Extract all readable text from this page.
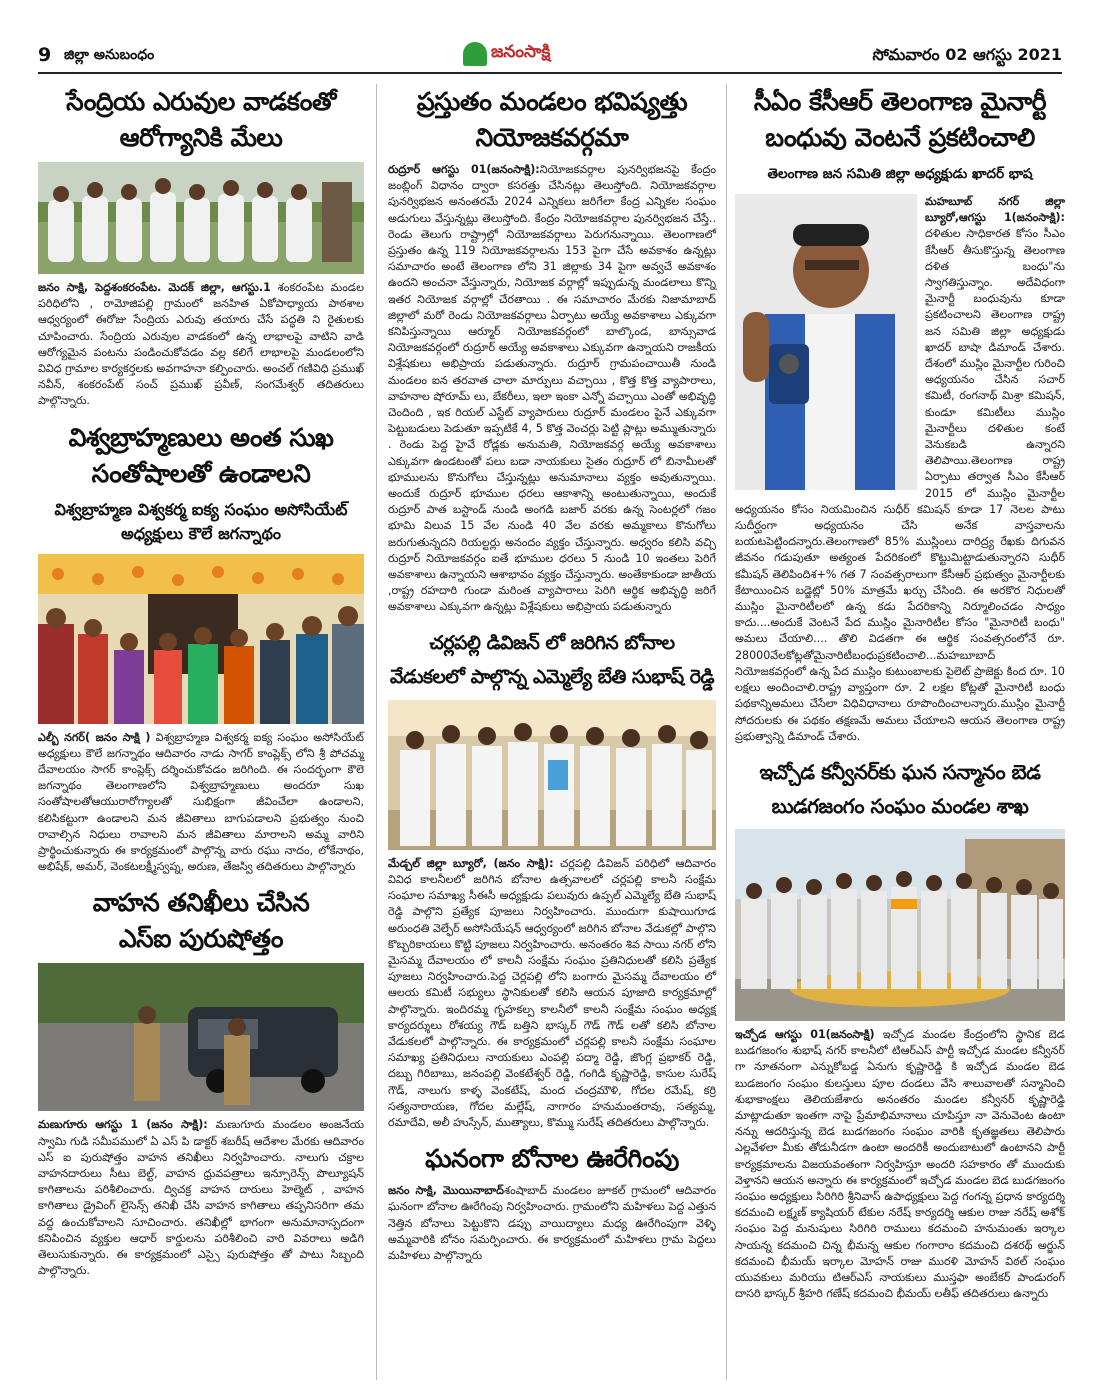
9 జిల్లా అనుబంధం	జనంసాక్షి	సోమవారం 02 ఆగస్టు 2021
సేంద్రియ ఎరువుల వాడకంతో
ఆరోగ్యానికి మేలు

జనం సాక్షి, పెద్దశంకరంపేట. మెదక్ జిల్లా, ఆగస్టు.1 శంకరంపేట మండల పరిధిలోని , రామోజిపల్లి గ్రామంలో జనహిత ఏకోపాధ్యాయ పాఠశాల ఆధ్వర్యంలో ఈరోజు సేంద్రియ ఎరువు తయారు చేసే పద్ధతి ని రైతులకు చూపించారు. సేంద్రియ ఎరువుల వాడకంలో ఉన్న లాభాలపై వాటిని వాడి ఆరోగ్యమైన పంటను పండించుకోవడం వల్ల కలిగే లాభాలపై మండలంలోని వివిధ గ్రామాల కార్యకర్తలకు అవగాహనా కల్పించారు. అంచల్ గణివిధి ప్రముఖ్ నవీన్, శంకరంపేట్ సంచ్ ప్రముఖ్ ప్రవీణ్, సంగమేశ్వర్ తదితరులు పాల్గొన్నారు.

విశ్వబ్రాహ్మణులు అంత సుఖ
సంతోషాలతో ఉండాలని
విశ్వబ్రాహ్మణ విశ్వకర్మ ఐక్య సంఘం అసోసియేట్
అధ్యక్షులు కౌలే జగన్నాథం

ఎల్బీ నగర్( జనం సాక్షి ) విశ్వబ్రాహ్మణ విశ్వకర్మ ఐక్య సంఘం అసోసియేట్ అధ్యక్షులు కౌలే జగన్నాథం ఆదివారం నాడు సాగర్ కాంప్లెక్స్ లోని శ్రీ పోచమ్మ దేవాలయం సాగర్ కాంప్లెక్స్ దర్శించుకోవడం జరిగింది. ఈ సందర్భంగా కౌలె జగన్నాథం తెలంగాణలోని విశ్వబ్రాహ్మణులు అందరూ సుఖ సంతోషాలతోఆయురారోగ్యాలతో సుభిక్షంగా జీవించేలా ఉండాలని, కలిసికట్టుగా ఉండాలని మన జీవితాలు బాగుపడాలని ప్రభుత్వం నుంచి రావాల్సిన నిధులు రావాలని మన జీవితాలు మారాలని అమ్మ వారిని ప్రార్థించుకున్నారు ఈ కార్యక్రమంలో పాల్గొన్న వారు రఘు నాదం, లోకేనాథం, అభిషేక్, అమర్, వెంకటలక్ష్మీస్వప్న, అరుణ, తేజస్వి తదితరులు పాల్గొన్నారు

వాహన తనిఖీలు చేసిన
ఎస్ఐ పురుషోత్తం

మణుగూరు ఆగస్టు 1 (జనం సాక్షి): మణుగూరు మండలం అంజనేయ స్వామి గుడి సమీపములో ఏ ఎస్ పి డాక్టర్ శబరీష్ ఆదేశాల మేరకు ఆదివారం ఎస్ ఐ పురుషోత్తం వాహన తనిఖీలు నిర్వహించారు. నాలుగు చక్రాల వాహనదారులు సీటు బెల్ట్, వాహన ధ్రువపత్రాలు ఇన్సూరెన్స్ పొల్యూషన్ కాగితాలను పరిశీలించారు. ద్విచక్ర వాహన దారులు హెల్మెట్ , వాహన కాగితాలు డ్రైవింగ్ లైసెన్స్ తనిఖీ చేసి వాహన కాగితాలు తప్పనిసరిగా తమ వద్ద ఉంచుకోవాలని సూచించారు. తనిఖీల్లో భాగంగా అనుమానాస్పదంగా కనిపించిన వ్యక్తుల ఆధార్ కార్డులను పరిశీలించి వారి వివరాలు అడిగి తెలుసుకున్నారు. ఈ కార్యక్రమంలో ఎస్సై పురుషోత్తం తో పాటు సిబ్బంది పాల్గొన్నారు.

ప్రస్తుతం మండలం భవిష్యత్తు
నియోజకవర్గమా

రుద్రూర్ ఆగస్టు 01(జనంసాక్షి):నియోజకవర్గాల పునర్విభజనపై కేంద్రం జంబ్లింగ్ విధానం ద్వారా కసరత్తు చేసినట్లు తెలుస్తోంది. నియోజకవర్గాల పునర్విభజన అనంతరమే 2024 ఎన్నికలు జరిగేలా కేంద్ర ఎన్నికల సంఘం అడుగులు వేస్తున్నట్లు తెలుస్తోంది. కేంద్రం నియోజకవర్గాల పునర్విభజన చేస్తే.. రెండు తెలుగు రాష్ట్రాల్లో నియోజకవర్గాలు పెరుగనున్నాయి. తెలంగాణలో ప్రస్తుతం ఉన్న 119 నియోజకవర్గాలను 153 పైగా చేసే అవకాశం ఉన్నట్లు సమాచారం అంటే తెలంగాణ లోని 31 జిల్లాకు 34 పైగా అవ్వచే అవకాశం ఉందని అంచనా వేస్తున్నారు, నియోజక వర్గాల్లో ఇప్పుడున్న మండలాలు కొన్ని ఇతర నియోజక వర్గాల్లో చేరతాయి . ఈ సమాచారం మేరకు నిజామాబాద్ జిల్లాలో మరో రెండు నియోజకవర్గాలు ఏర్పాటు అయ్యే అవకాశాలు ఎక్కువగా కనిపిస్తున్నాయి ఆర్మూర్ నియోజకవర్గంలో బాల్కొండ, బాన్సువాడ నియోజకవర్గంలో రుద్రూర్ అయ్యే అవకాశాలు ఎక్కువగా ఉన్నాయని రాజకీయ విశ్లేషకులు అభిప్రాయ పడుతున్నారు. రుద్రూర్ గ్రామపంచాయితీ నుండి మండలం ఐన తరవాత చాలా మార్పులు వచ్చాయి , కొత్త కొత్త వ్యాపారాలు, వాహనాల షోరూమ్ లు, బేకరీలు, ఇలా ఇంకా ఎన్నో వచ్చాయి ఎంతో అభివృద్ధి చెందింది , ఇక రియల్ ఎస్టేట్ వ్యాపారులు రుద్రూర్ మండలం పైనే ఎక్కువగా పెట్టుబడులు పెడుతూ ఇప్పటికే 4, 5 కొత్త వెంచర్లు పెట్టి ప్లాట్లు అమ్ముతున్నారు . రెండు పెద్ద హైవే రోడ్లకు అనుమతి, నియోజకవర్గ అయ్యే అవకాశాలు ఎక్కువగా ఉండటంతో పలు బడా నాయకులు సైతం రుద్రూర్ లో బినామీలతో భూములను కొనుగోలు చేస్తున్నట్లు అనుమానాలు వ్యక్తం అవుతున్నాయి. అందుకే రుద్రూర్ భూముల ధరలు ఆకాశాన్ని అంటుతున్నాయి, అందుకే రుద్రూర్ పాత బస్టాండ్ నుండి అంగడి బజార్ వరకు ఉన్న సెంటర్లలో గజం భూమి విలువ 15 వేల నుండి 40 వేల వరకు అమ్మకాలు కొనుగోలు జరుగుతున్నదని రియల్టర్లు అనందం వ్యక్తం చేస్తున్నారు. అధ్వరం కలిసి వచ్చి రుద్రూర్ నియోజకవర్గం ఐతే భూముల ధరలు 5 నుండి 10 ఇంతలు పెరిగే అవకాశాలు ఉన్నాయని ఆశాభావం వ్యక్తం చేస్తున్నారు. అంతేకాకుండా జాతీయ ,రాష్ట్ర రహదారి గుండా మరింత వ్యాపారాలు పెరిగి ఆర్థిక అభివృద్ధి జరిగే అవకాశాలు ఎక్కువగా ఉన్నట్లు విశ్లేషకులు అభిప్రాయ పడుతున్నారు

చర్లపల్లి డివిజన్ లో జరిగిన బోనాల
వేడుకలలో పాల్గొన్న ఎమ్మెల్యే బేతి సుభాష్ రెడ్డి

మేడ్చల్ జిల్లా బ్యూరో, (జనం సాక్షి): చర్లపల్లి డివిజన్ పరిధిలో ఆదివారం వివిధ కాలనీలలో జరిగిన బోనాల ఉత్సవాలలో చర్లపల్లి కాలనీ సంక్షేమ సంఘాల సమాఖ్య సీఈసీ అధ్యక్షుడు పలువురు ఉప్పల్ ఎమ్మెల్యే బేతి సుభాష్ రెడ్డి పాల్గొని ప్రత్యేక పూజలు నిర్వహించారు. ముందుగా కుషాయిగూడ అరుంధతి వెల్ఫేర్ అసోసియేషన్ ఆధ్వర్యంలో జరిగిన బోనాల వేడుకల్లో పాల్గొని కొబ్బరికాయలు కొట్టి పూజలు నిర్వహించారు. అనంతరం శివ సాయి నగర్ లోని మైసమ్మ దేవాలయం లో కాలనీ సంక్షేమ సంఘం ప్రతినిధులతో కలిసి ప్రత్యేక పూజలు నిర్వహించారు.పెద్ద చెర్లపల్లి లోని బంగారు మైసమ్మ దేవాలయం లో ఆలయ కమిటీ సభ్యులు స్థానికులతో కలిసి ఆయన పూజాది కార్యక్రమాల్లో పాల్గొన్నారు. ఇందిరమ్మ గృహకల్ప కాలనీలో కాలనీ సంక్షేమ సంఘం అధ్యక్ష కార్యదర్శులు రోశయ్య గౌడ్ బత్తిని భాస్కర్ గౌడ్ గౌడ్ లతో కలిసి బోనాల వేడుకలలో పాల్గొన్నారు. ఈ కార్యక్రమంలో చర్లపల్లి కాలనీ సంక్షేమ సంఘాల సమాఖ్య ప్రతినిధులు నాయకులు ఎంపల్లి పద్మా రెడ్డి, జొంగ్ల ప్రభాకర్ రెడ్డి, దబ్బు గిరిబాబు, జనంపల్లి వెంకటేశ్వర్ రెడ్డి, గంగిడి కృష్ణారెడ్డి, కాసుల సురేష్ గౌడ్, నాలుగు కాళ్ళ వెంకటేష్, మంద చంద్రమౌళి, గోదల రమేష్, కర్రి సత్యనారాయణ, గోదల మల్లేష్, నాగారం హనుమంతరావు, సత్యమ్మ, రమాదేవి, అలీ హుస్సేన్, ముత్యాలు, కొమ్ము సురేష్ తదితరులు పాల్గొన్నారు.

ఘనంగా బోనాల ఊరేగింపు

జనం సాక్షి, మొయినాబాద్శంషాబాద్ మండలం జూకల్ గ్రామంలో ఆదివారం ఘనంగా బోనాల ఊరేగింపు నిర్వహించారు. గ్రామంలోని మహిళలు పెద్ద ఎత్తున నెత్తిన బోనాలు పెట్టుకొని డప్పు వాయిద్యాలు మధ్య ఊరేగింపుగా వెళ్ళి అమ్మవారికి బోనం సమర్పించారు. ఈ కార్యక్రమంలో మహిళలు గ్రామ పెద్దలు మహిళలు పాల్గొన్నారు

సీఏం కేసీఆర్ తెలంగాణ మైనార్టీ
బంధువు వెంటనే ప్రకటించాలి
తెలంగాణ జన సమితి జిల్లా అధ్యక్షుడు ఖాదర్ భాష

మహబూబ్ నగర్ జిల్లా బ్యూరో,ఆగస్టు 1(జనంసాక్షి): దళితుల సాధికారత కోసం సీఎం కేసీఆర్ తీసుకొస్తున్న తెలంగాణ దళిత బంధు"ను స్వాగతిస్తున్నాం. అదేవిధంగా మైనార్టీ బంధువును కూడా ప్రకటించాలని తెలంగాణ రాష్ట్ర జన సమితి జిల్లా అధ్యక్షుడు ఖాదర్ బాషా డిమాండ్ చేశారు. దేశంలో ముస్లిం మైనార్టీల గురించి అధ్యయనం చేసిన సచార్ కమిటీ, రంగనాథ్ మిశ్రా కమిషన్, కుండూ కమిటీలు ముస్లిం మైనార్టీలు దళితుల కంటే వెనుకబడి ఉన్నారని తెలిపాయి.తెలంగాణ రాష్ట్ర ఏర్పాటు తర్వాత సీఎం కేసీఆర్ 2015 లో ముస్లిం మైనార్టీల అధ్యయనం కోసం నియమించిన సుధీర్ కమిషన్ కూడా 17 నెలల పాటు సుదీర్ఘంగా అధ్యయనం చేసి అనేక వాస్తవాలను బయటపెట్టిందన్నారు.తెలంగాణలో 85% ముస్లింలు దారిద్ర్య రేఖకు దిగువన జీవనం గడుపుతూ అత్యంత పేదరికంలో కొట్టుమిట్టాడుతున్నారని సుధీర్ కమీషన్ తెలిపిందిశ+% గత 7 సంవత్సరాలుగా కేసీఆర్ ప్రభుత్వం మైనార్టీలకు కేటాయించిన బడ్జెట్లో 50% మాత్రమే ఖర్చు చేసింది. ఈ అరకొర నిధులతో ముస్లిం మైనారిటీలలో ఉన్న కడు పేదరికాన్ని నిర్మూలించడం సాధ్యం కాదు....అందుకే వెంటనే పేద ముస్లిం మైనారిటీల కోసం "మైనారిటీ బంధు" అమలు చేయాలి.... తొలి విడతగా ఈ ఆర్థిక సంవత్సరంలోనే రూ. 28000వేలకోట్లతోమైనారిటీబంధుప్రకటించాలి...మహబూబాద్ నియోజకవర్గంలో ఉన్న పేద ముస్లిం కుటుంబాలకు పైలెట్ ప్రాజెక్టు కింద రూ. 10 లక్షలు అందించాలి.రాష్ట్ర వ్యాప్తంగా రూ. 2 లక్షల కోట్లతో మైనారిటీ బంధు పథకాన్నిఅమలు చేసేలా విధివిధానాలు రూపొందించాలన్నారు.ముస్లిం మైనార్టీ సోదరులకు ఈ పథకం తక్షణమే అమలు చేయాలని ఆయన తెలంగాణ రాష్ట్ర ప్రభుత్వాన్ని డిమాండ్ చేశారు.

ఇచ్చోడ కన్వీనర్‌కు ఘన సన్మానం బెడ
బుడగజంగం సంఘం మండల శాఖ

ఇచ్చోడ ఆగస్టు 01(జనంసాక్షి) ఇచ్చోడ మండల కేంద్రంలోని స్థానిక బెడ బుడగజంగం శుభాష్ నగర్ కాలనీలో టిఆర్ఎస్ పార్టీ ఇచ్చోడ మండల కన్వీనర్ గా నూతనంగా ఎన్నుకోబడ్డ ఏనుగు కృష్ణారెడ్డి కి ఇచ్చోడ మండల బెడ బుడజంగం సంఘం కులస్తులు పూల దండలు వేసి శాలువాలతో సన్మానించి శుభాకాంక్షలు తెలియజేశారు అనంతరం మండల కన్వీనర్ కృష్ణారెడ్డి మాట్లాడుతూ ఇంతగా నాపై ప్రేమాభిమానాలు చూపిస్తూ నా వెనువెంట ఉంటా నన్ను ఆదరిస్తున్న బెడ బుడగజంగం సంఘం వారికి కృతజ్ఞతలు తెలిపారు ఎల్లవేళలా మీకు తోడునీడగా ఉంటా అందరికీ అందుబాటులో ఉంటానని పార్టీ కార్యక్రమాలను విజయవంతంగా నిర్వహిస్తూ అందరి సహకారం తో ముందుకు వెళ్తానని ఆయన అన్నారు ఈ కార్యక్రమంలో ఇచ్చోడ మండల బెడ బుడగజంగం సంఘం అధ్యక్షులు సిరిగిరి శ్రీనివాస్ ఉపాధ్యక్షులు పెద్ద గంగన్న ప్రధాన కార్యదర్శి కదమంచి లక్ష్మణ్ క్యాషియర్ టేకుల నరేష్ కార్యదర్శి ఆకుల రాజు నరేష్ అశోక్ సంఘం పెద్ద మనుషులు సిరిగిరి రాములు కదమంచి హనుమంతు ఇర్కాల సాయన్న కదమంచి చిన్న భీమన్న ఆకుల గంగారాం కదమంచి దశరథ్ అర్జున్ కదమంచి భీమయ్ ఇర్కాల మోహన్ రాజు మురళి మోహన్ విఠల్ సంఘం యువకులు మరియు టిఆర్ఎస్ నాయకులు ముస్తఫా అంబేకర్ పాండురంగ్ దాసరి భాస్కర్ శ్రీహరి గణేష్ కదమంచి భీమయ్ లతీఫ్ తదితరులు ఉన్నారు
